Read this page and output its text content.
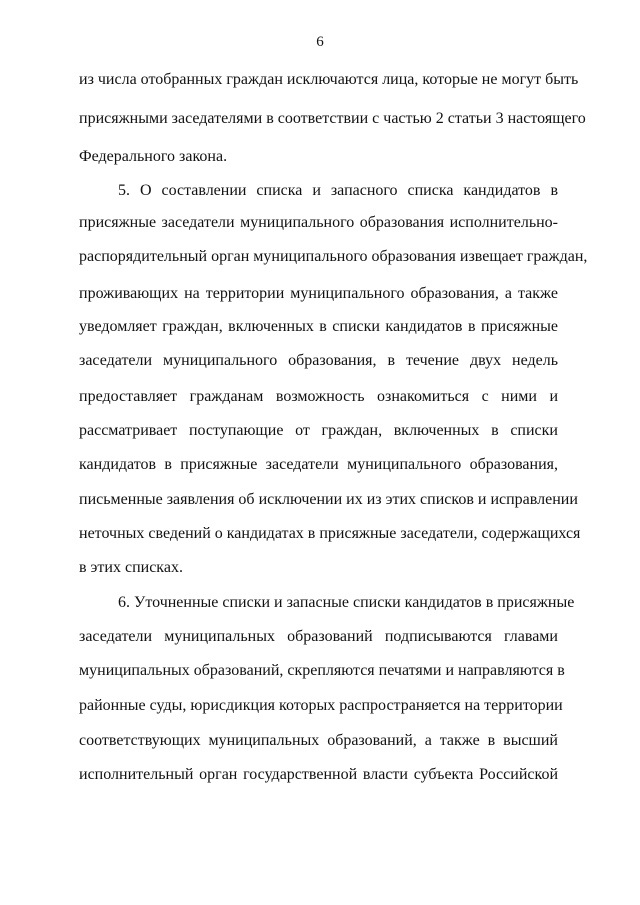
6
из числа отобранных граждан исключаются лица, которые не могут быть
присяжными заседателями в соответствии с частью 2 статьи 3 настоящего
Федерального закона.
5. О составлении списка и запасного списка кандидатов в
присяжные заседатели муниципального образования исполнительно-
распорядительный орган муниципального образования извещает граждан,
проживающих на территории муниципального образования, а также
уведомляет граждан, включенных в списки кандидатов в присяжные
заседатели муниципального образования, в течение двух недель
предоставляет гражданам возможность ознакомиться с ними и
рассматривает поступающие от граждан, включенных в списки
кандидатов в присяжные заседатели муниципального образования,
письменные заявления об исключении их из этих списков и исправлении
неточных сведений о кандидатах в присяжные заседатели, содержащихся
в этих списках.
6. Уточненные списки и запасные списки кандидатов в присяжные
заседатели муниципальных образований подписываются главами
муниципальных образований, скрепляются печатями и направляются в
районные суды, юрисдикция которых распространяется на территории
соответствующих муниципальных образований, а также в высший
исполнительный орган государственной власти субъекта Российской
